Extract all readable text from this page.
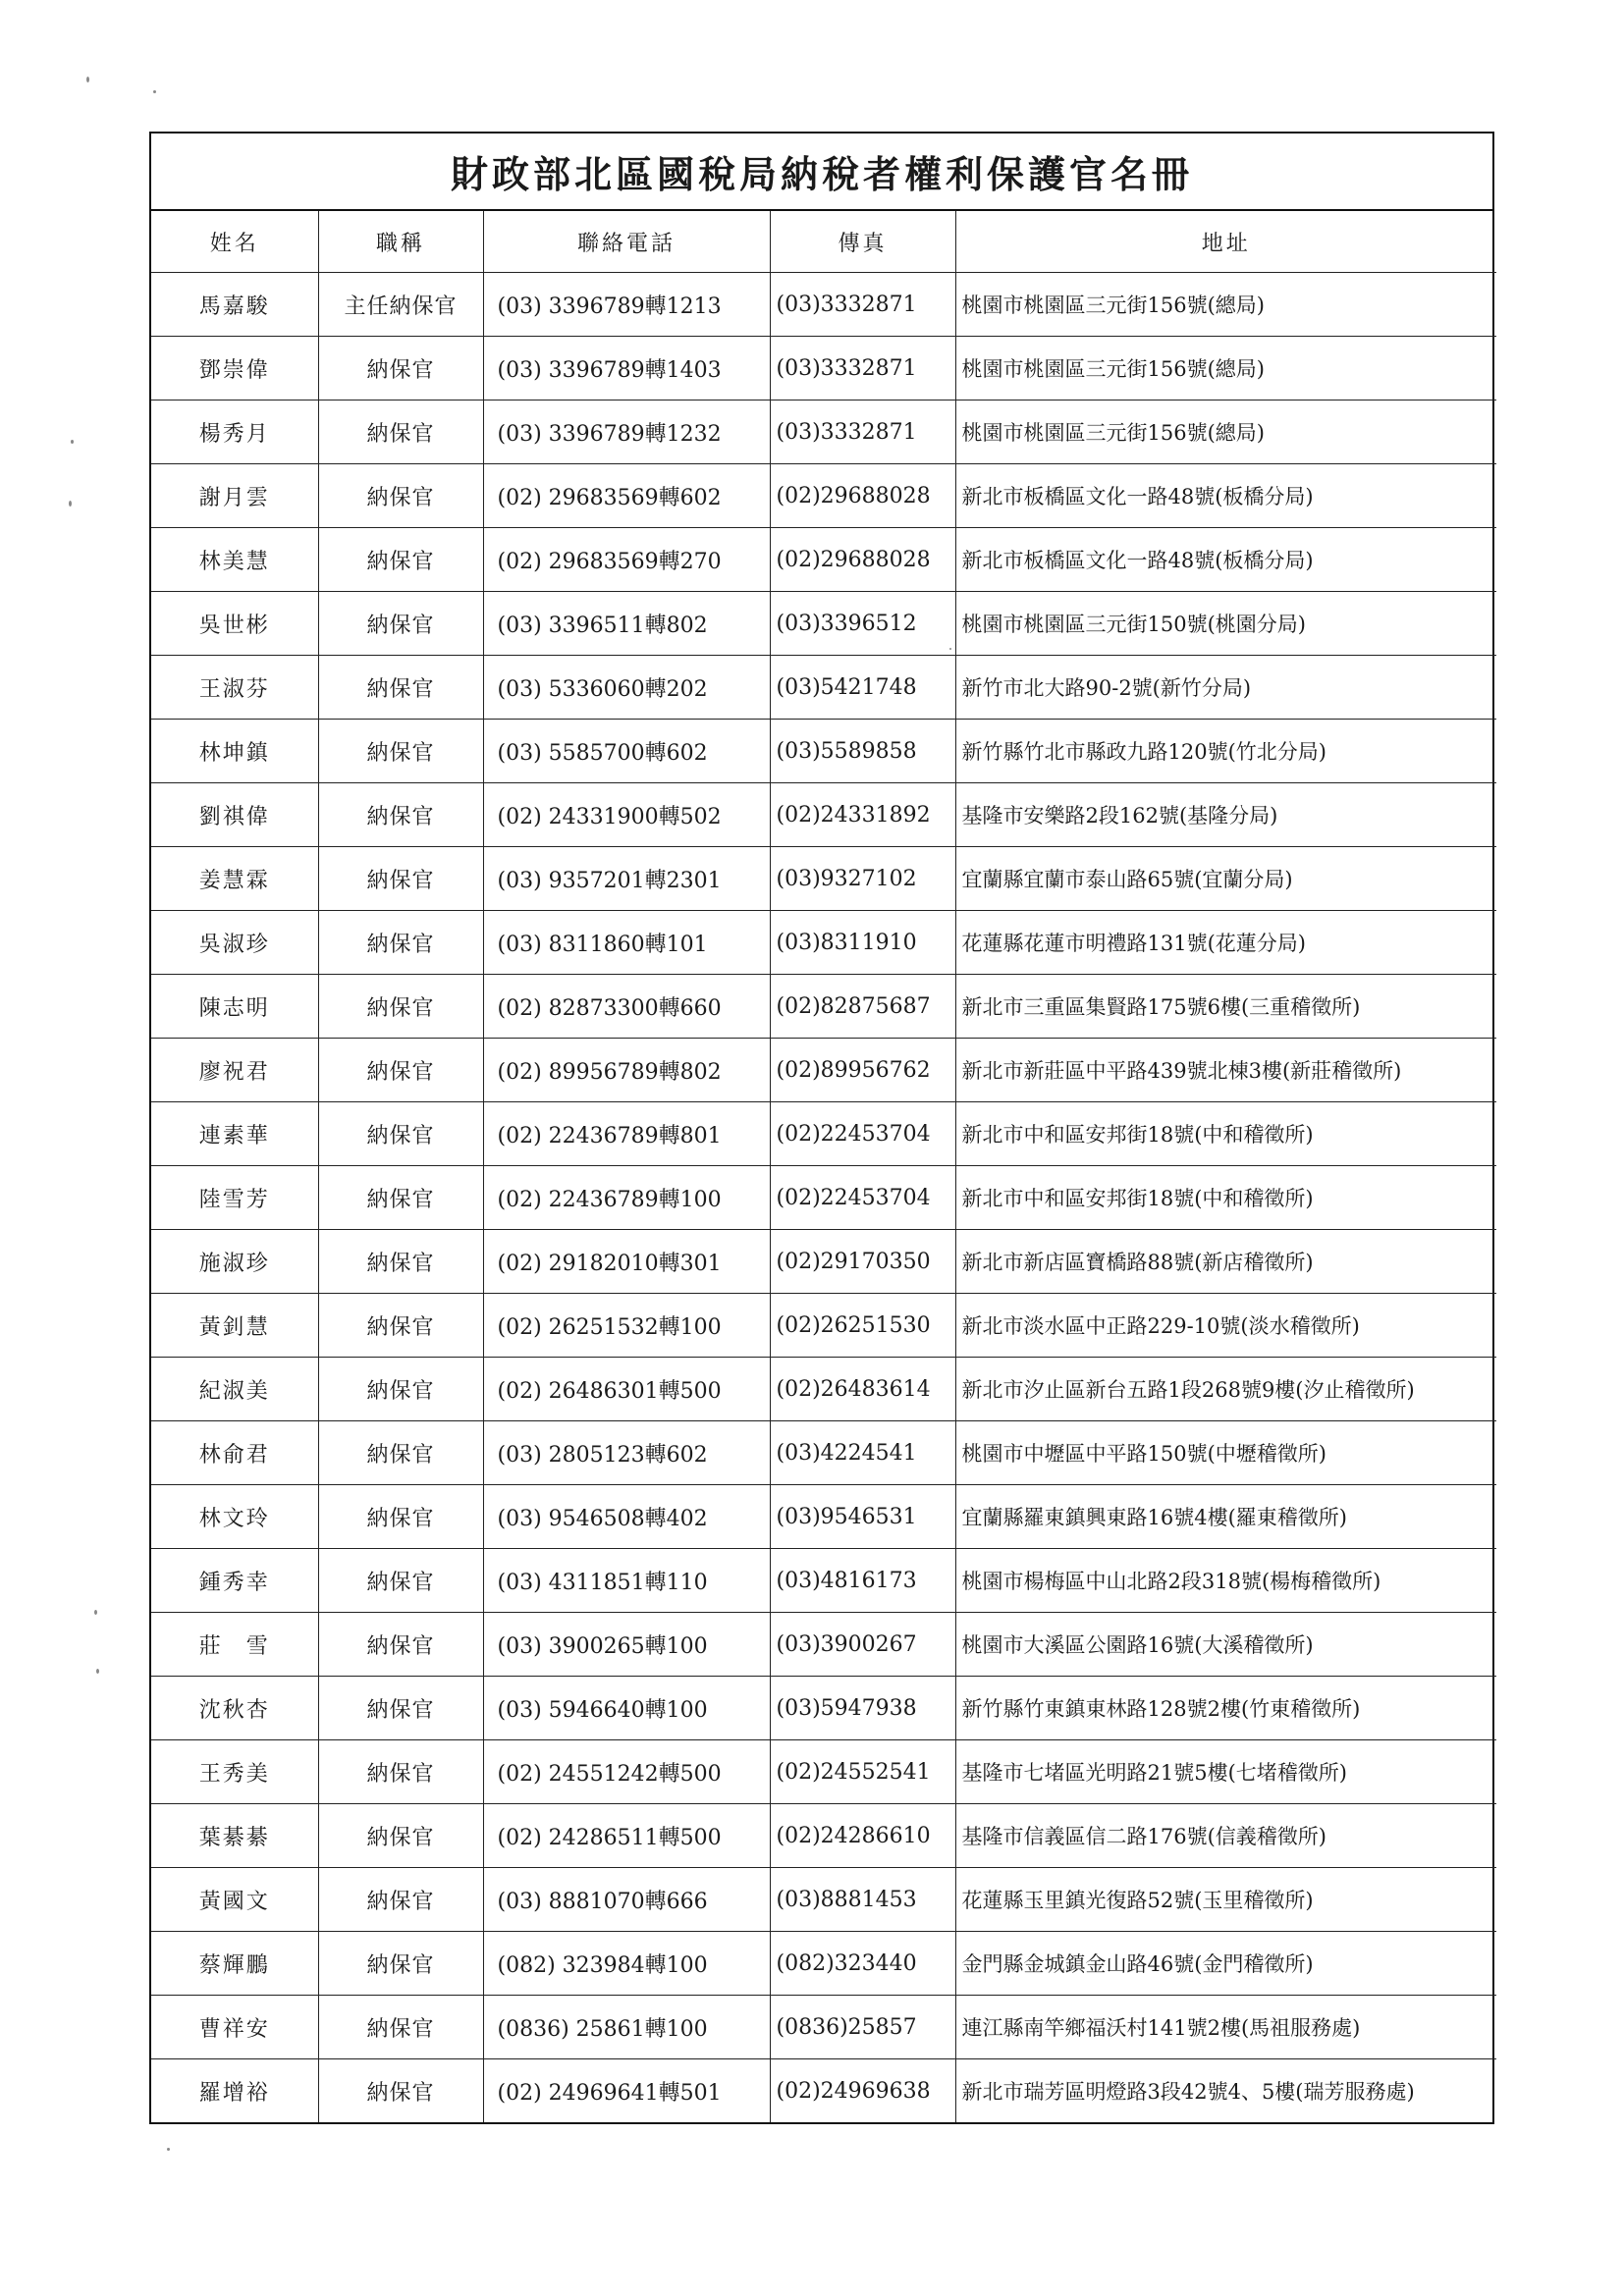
財政部北區國稅局納稅者權利保護官名冊
姓名	職稱	聯絡電話	傳真	地址
馬嘉駿	主任納保官	(03) 3396789轉1213	(03)3332871	桃園市桃園區三元街156號(總局)
鄧崇偉	納保官	(03) 3396789轉1403	(03)3332871	桃園市桃園區三元街156號(總局)
楊秀月	納保官	(03) 3396789轉1232	(03)3332871	桃園市桃園區三元街156號(總局)
謝月雲	納保官	(02) 29683569轉602	(02)29688028	新北市板橋區文化一路48號(板橋分局)
林美慧	納保官	(02) 29683569轉270	(02)29688028	新北市板橋區文化一路48號(板橋分局)
吳世彬	納保官	(03) 3396511轉802	(03)3396512	桃園市桃園區三元街150號(桃園分局)
王淑芬	納保官	(03) 5336060轉202	(03)5421748	新竹市北大路90-2號(新竹分局)
林坤鎮	納保官	(03) 5585700轉602	(03)5589858	新竹縣竹北市縣政九路120號(竹北分局)
劉祺偉	納保官	(02) 24331900轉502	(02)24331892	基隆市安樂路2段162號(基隆分局)
姜慧霖	納保官	(03) 9357201轉2301	(03)9327102	宜蘭縣宜蘭市泰山路65號(宜蘭分局)
吳淑珍	納保官	(03) 8311860轉101	(03)8311910	花蓮縣花蓮市明禮路131號(花蓮分局)
陳志明	納保官	(02) 82873300轉660	(02)82875687	新北市三重區集賢路175號6樓(三重稽徵所)
廖祝君	納保官	(02) 89956789轉802	(02)89956762	新北市新莊區中平路439號北棟3樓(新莊稽徵所)
連素華	納保官	(02) 22436789轉801	(02)22453704	新北市中和區安邦街18號(中和稽徵所)
陸雪芳	納保官	(02) 22436789轉100	(02)22453704	新北市中和區安邦街18號(中和稽徵所)
施淑珍	納保官	(02) 29182010轉301	(02)29170350	新北市新店區寶橋路88號(新店稽徵所)
黃釗慧	納保官	(02) 26251532轉100	(02)26251530	新北市淡水區中正路229-10號(淡水稽徵所)
紀淑美	納保官	(02) 26486301轉500	(02)26483614	新北市汐止區新台五路1段268號9樓(汐止稽徵所)
林俞君	納保官	(03) 2805123轉602	(03)4224541	桃園市中壢區中平路150號(中壢稽徵所)
林文玲	納保官	(03) 9546508轉402	(03)9546531	宜蘭縣羅東鎮興東路16號4樓(羅東稽徵所)
鍾秀幸	納保官	(03) 4311851轉110	(03)4816173	桃園市楊梅區中山北路2段318號(楊梅稽徵所)
莊　雪	納保官	(03) 3900265轉100	(03)3900267	桃園市大溪區公園路16號(大溪稽徵所)
沈秋杏	納保官	(03) 5946640轉100	(03)5947938	新竹縣竹東鎮東林路128號2樓(竹東稽徵所)
王秀美	納保官	(02) 24551242轉500	(02)24552541	基隆市七堵區光明路21號5樓(七堵稽徵所)
葉綦綦	納保官	(02) 24286511轉500	(02)24286610	基隆市信義區信二路176號(信義稽徵所)
黃國文	納保官	(03) 8881070轉666	(03)8881453	花蓮縣玉里鎮光復路52號(玉里稽徵所)
蔡輝鵬	納保官	(082) 323984轉100	(082)323440	金門縣金城鎮金山路46號(金門稽徵所)
曹祥安	納保官	(0836) 25861轉100	(0836)25857	連江縣南竿鄉福沃村141號2樓(馬祖服務處)
羅增裕	納保官	(02) 24969641轉501	(02)24969638	新北市瑞芳區明燈路3段42號4、5樓(瑞芳服務處)
